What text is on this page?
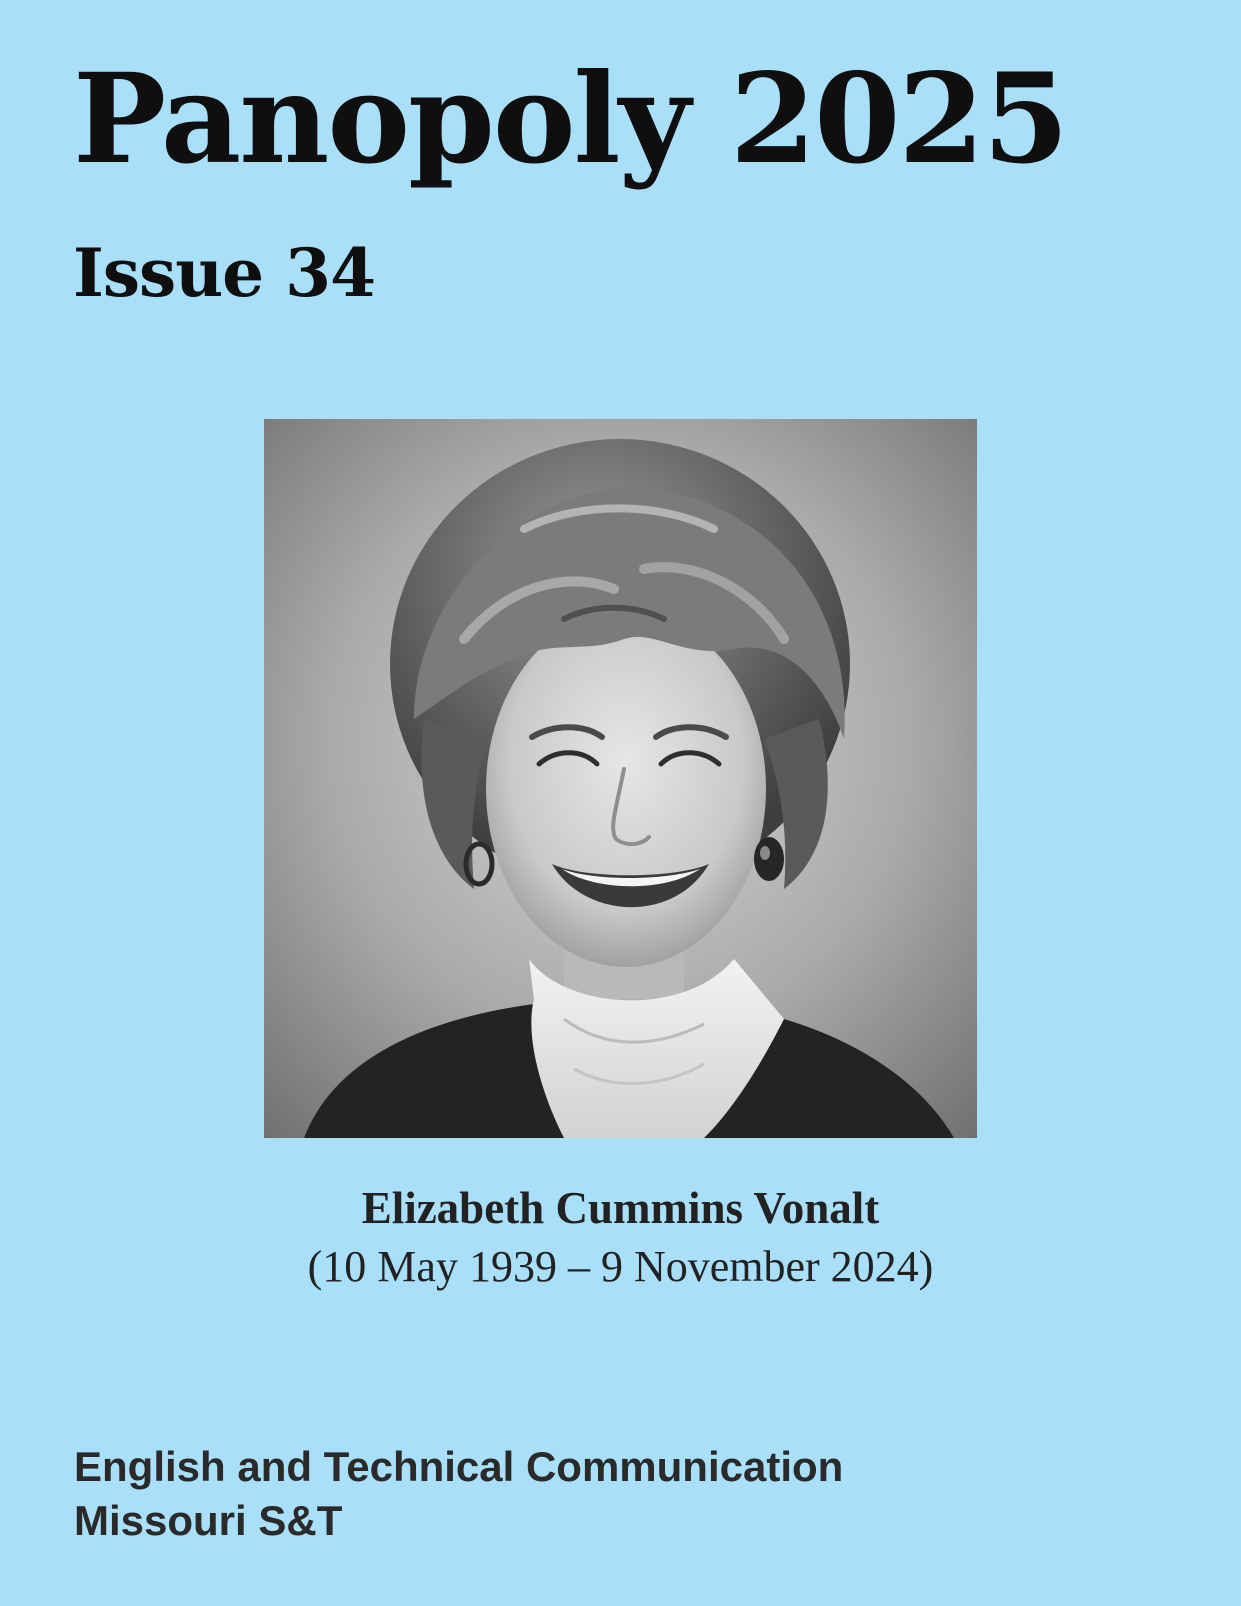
Panopoly 2025
Issue 34
Elizabeth Cummins Vonalt
(10 May 1939 – 9 November 2024)
English and Technical Communication
Missouri S&T
